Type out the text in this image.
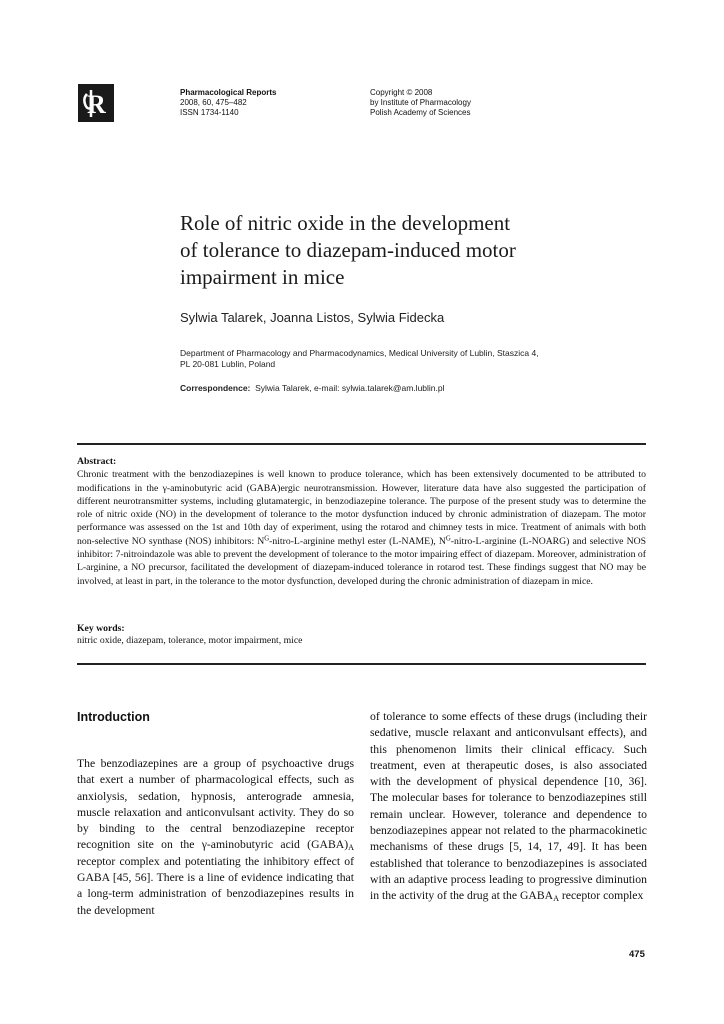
R	Pharmacological Reports
2008, 60, 475–482
ISSN 1734-1140
Copyright © 2008
by Institute of Pharmacology
Polish Academy of Sciences
Role of nitric oxide in the development
of tolerance to diazepam-induced motor
impairment in mice
Sylwia Talarek, Joanna Listos, Sylwia Fidecka
Department of Pharmacology and Pharmacodynamics, Medical University of Lublin, Staszica 4,
PL 20-081 Lublin, Poland
Correspondence: Sylwia Talarek, e-mail: sylwia.talarek@am.lublin.pl
Abstract:
Chronic treatment with the benzodiazepines is well known to produce tolerance, which has been extensively documented to be attributed to modifications in the γ-aminobutyric acid (GABA)ergic neurotransmission. However, literature data have also suggested the participation of different neurotransmitter systems, including glutamatergic, in benzodiazepine tolerance. The purpose of the present study was to determine the role of nitric oxide (NO) in the development of tolerance to the motor dysfunction induced by chronic administration of diazepam. The motor performance was assessed on the 1st and 10th day of experiment, using the rotarod and chimney tests in mice. Treatment of animals with both non-selective NO synthase (NOS) inhibitors: $N^G-nitro-L$-arginine methyl ester (L-NAME), $N^G-nitro-L$-arginine (L-NOARG) and selective NOS inhibitor: 7-nitroindazole was able to prevent the development of tolerance to the motor impairing effect of diazepam. Moreover, administration of L-arginine, a NO precursor, facilitated the development of diazepam-induced tolerance in rotarod test. These findings suggest that NO may be involved, at least in part, in the tolerance to the motor dysfunction, developed during the chronic administration of diazepam in mice.
Key words:
nitric oxide, diazepam, tolerance, motor impairment, mice
Introduction
The benzodiazepines are a group of psychoactive drugs that exert a number of pharmacological effects, such as anxiolysis, sedation, hypnosis, anterograde amnesia, muscle relaxation and anticonvulsant activity. They do so by binding to the central benzodiazepine receptor recognition site on the γ-aminobutyric acid $(GABA)_A$ receptor complex and potentiating the inhibitory effect of GABA [45, 56]. There is a line of evidence indicating that a long-term administration of benzodiazepines results in the development
of tolerance to some effects of these drugs (including their sedative, muscle relaxant and anticonvulsant effects), and this phenomenon limits their clinical efficacy. Such treatment, even at therapeutic doses, is also associated with the development of physical dependence [10, 36]. The molecular bases for tolerance to benzodiazepines still remain unclear. However, tolerance and dependence to benzodiazepines appear not related to the pharmacokinetic mechanisms of these drugs [5, 14, 17, 49]. It has been established that tolerance to benzodiazepines is associated with an adaptive process leading to progressive diminution in the activity of the drug at the $GABA_A$ receptor complex
475
